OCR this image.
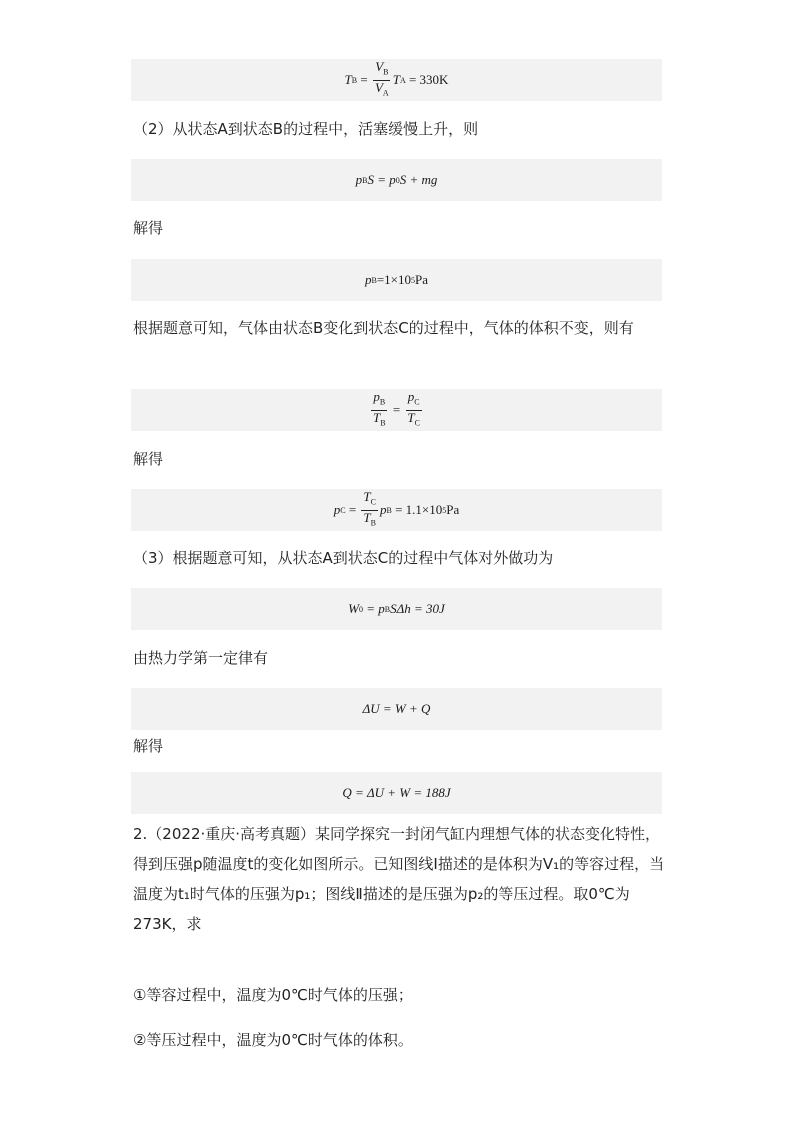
T $B = \frac{V_B}{V_A}$ T A
= 330K
（2）从状态A到状态B的过程中，活塞缓慢上升，则
p B S = p 0 S + mg
解得
p B =1×10 5 Pa
根据题意可知，气体由状态B变化到状态C的过程中，气体的体积不变，则有
$\frac{p_B}{T_B} = \frac{p_C}{T_C}$
解得
p $C = \frac{T_C}{T_B}$ p B
= 1.1×10 5 Pa
（3）根据题意可知，从状态A到状态C的过程中气体对外做功为
W 0
= p B SΔh = 30J
由热力学第一定律有
ΔU = W + Q
解得
Q = ΔU + W = 188J
2.（2022·重庆·高考真题）某同学探究一封闭气缸内理想气体的状态变化特性，得到压强p随温度t的变化如图所示。已知图线Ⅰ描述的是体积为V₁的等容过程，当温度为t₁时气体的压强为p₁；图线Ⅱ描述的是压强为p₂的等压过程。取0℃为273K，求
①等容过程中，温度为0℃时气体的压强；
②等压过程中，温度为0℃时气体的体积。
